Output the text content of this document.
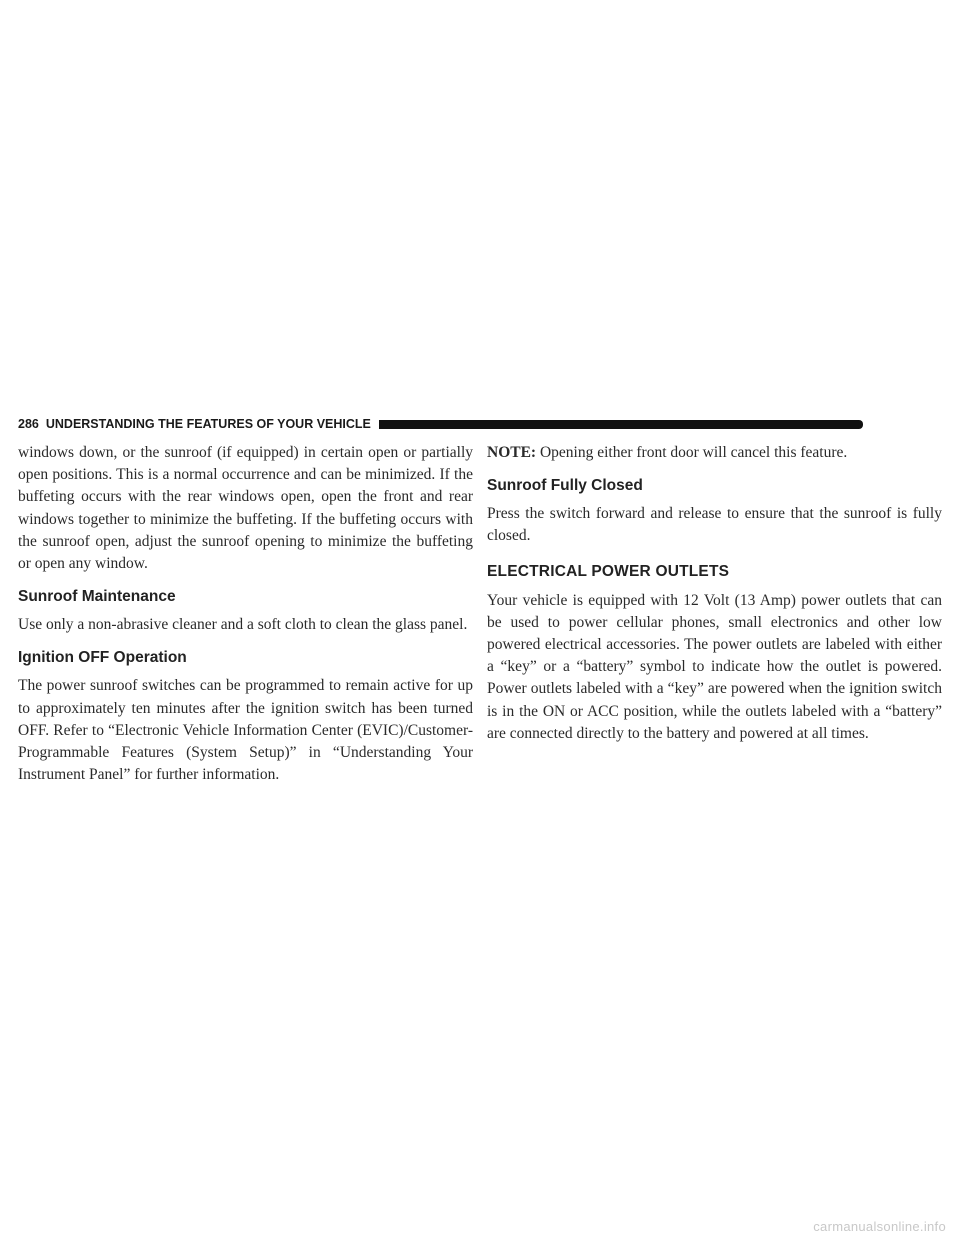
286 UNDERSTANDING THE FEATURES OF YOUR VEHICLE

windows down, or the sunroof (if equipped) in certain open or partially open positions. This is a normal occurrence and can be minimized. If the buffeting occurs with the rear windows open, open the front and rear windows together to minimize the buffeting. If the buffeting occurs with the sunroof open, adjust the sunroof opening to minimize the buffeting or open any window.

Sunroof Maintenance

Use only a non-abrasive cleaner and a soft cloth to clean the glass panel.

Ignition OFF Operation

The power sunroof switches can be programmed to remain active for up to approximately ten minutes after the ignition switch has been turned OFF. Refer to “Electronic Vehicle Information Center (EVIC)/Customer-Programmable Features (System Setup)” in “Understanding Your Instrument Panel” for further information.

NOTE: Opening either front door will cancel this feature.

Sunroof Fully Closed

Press the switch forward and release to ensure that the sunroof is fully closed.

ELECTRICAL POWER OUTLETS

Your vehicle is equipped with 12 Volt (13 Amp) power outlets that can be used to power cellular phones, small electronics and other low powered electrical accessories. The power outlets are labeled with either a “key” or a “battery” symbol to indicate how the outlet is powered. Power outlets labeled with a “key” are powered when the ignition switch is in the ON or ACC position, while the outlets labeled with a “battery” are connected directly to the battery and powered at all times.

carmanualsonline.info
